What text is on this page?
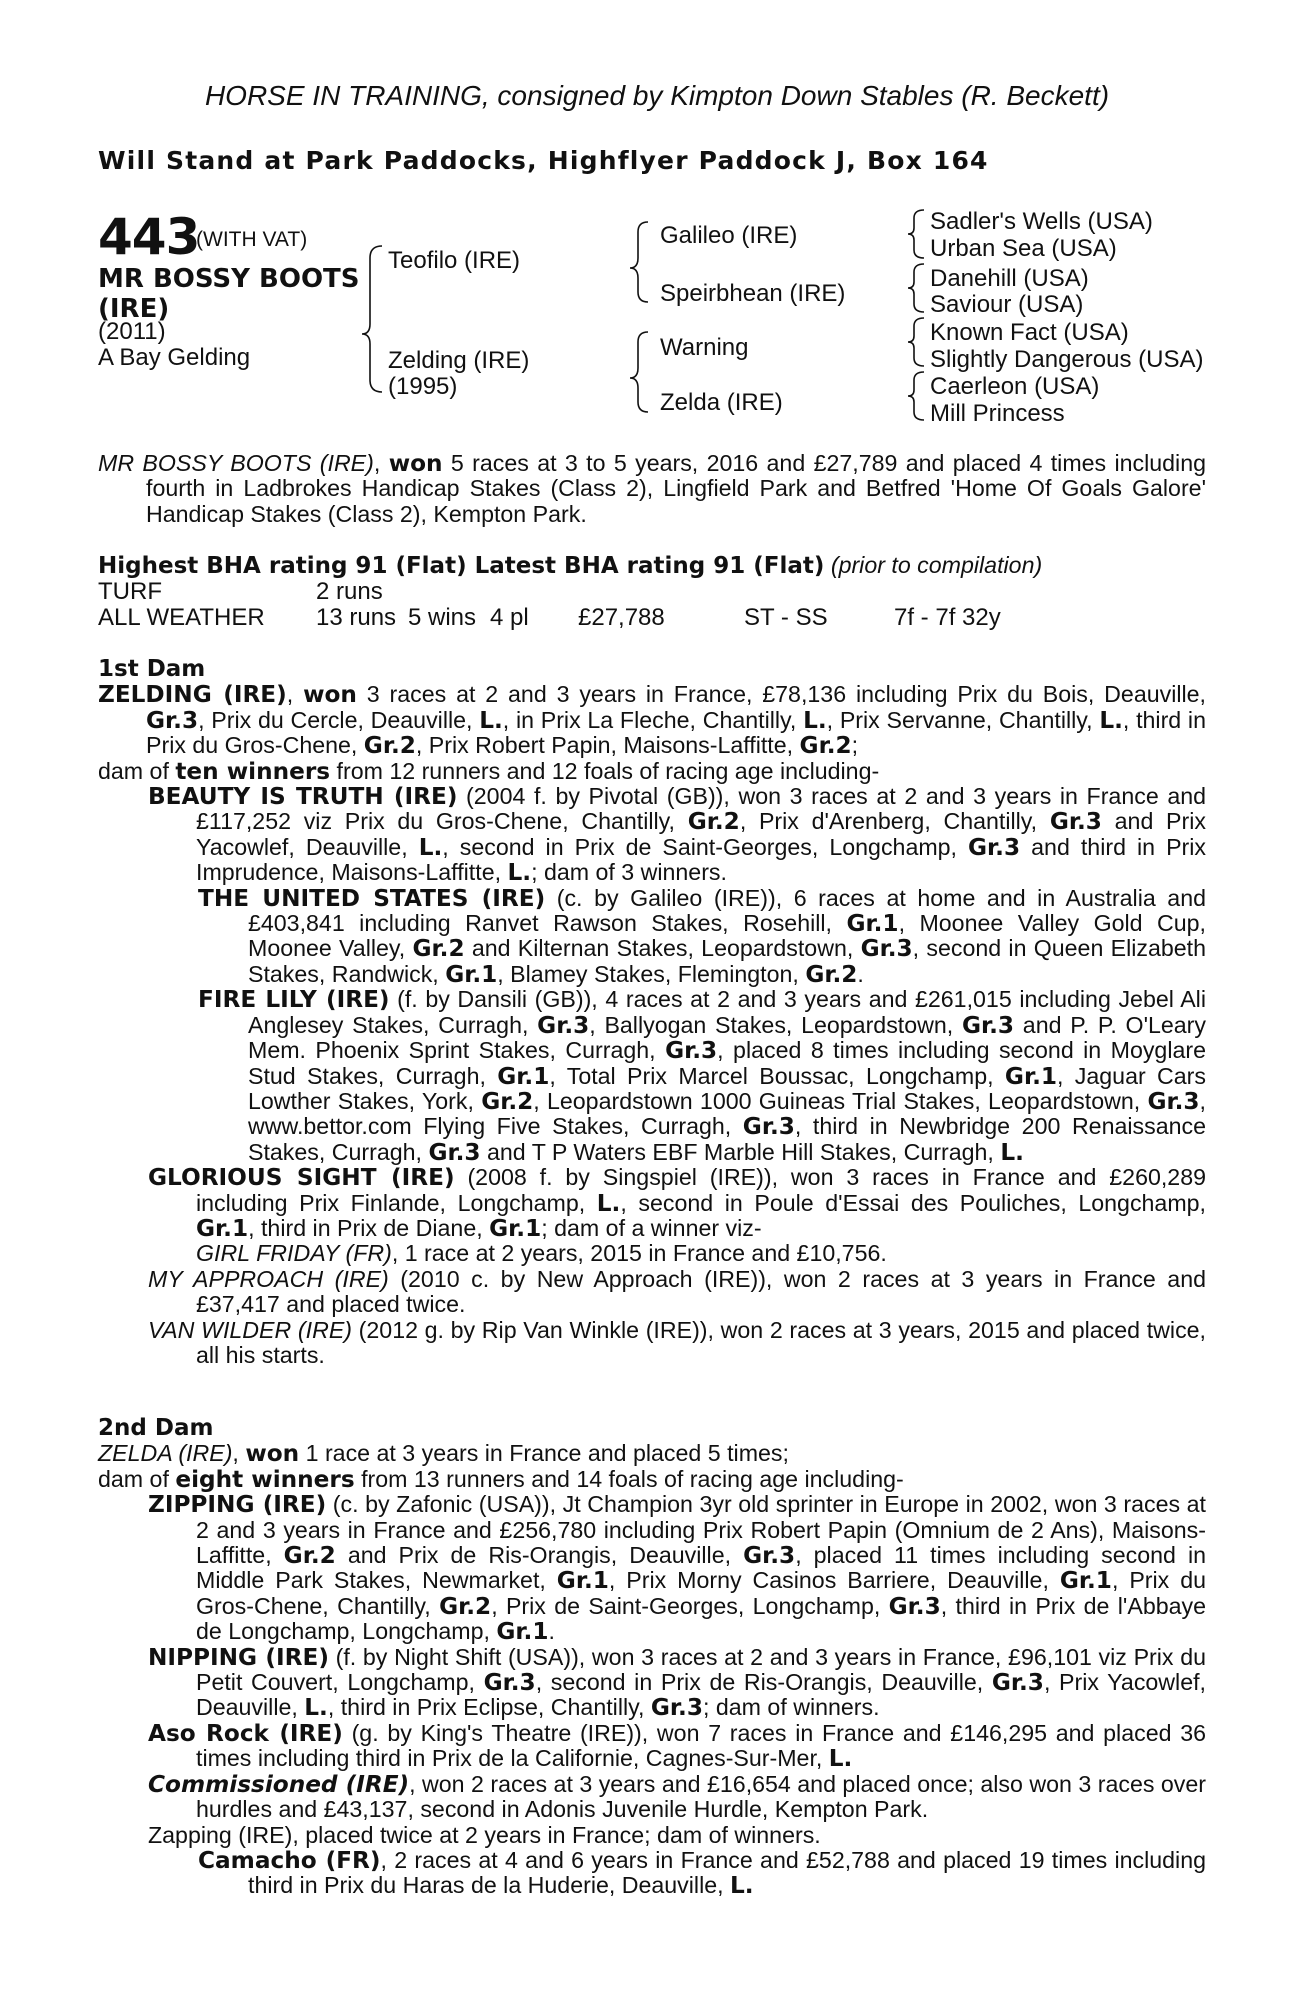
HORSE IN TRAINING, consigned by Kimpton Down Stables (R. Beckett)
Will Stand at Park Paddocks, Highflyer Paddock J, Box 164
443
(WITH VAT)
MR BOSSY BOOTS (IRE)
(2011)
A Bay Gelding
Teofilo (IRE)
Zelding (IRE)
(1995)
Galileo (IRE)
Speirbhean (IRE)
Warning
Zelda (IRE)
Sadler's Wells (USA)
Urban Sea (USA)
Danehill (USA)
Saviour (USA)
Known Fact (USA)
Slightly Dangerous (USA)
Caerleon (USA)
Mill Princess
MR BOSSY BOOTS (IRE), won 5 races at 3 to 5 years, 2016 and £27,789 and placed 4 times including fourth in Ladbrokes Handicap Stakes (Class 2), Lingfield Park and Betfred 'Home Of Goals Galore' Handicap Stakes (Class 2), Kempton Park.
Highest BHA rating 91 (Flat) Latest BHA rating 91 (Flat) (prior to compilation)
TURF	2 runs
ALL WEATHER 13 runs 5 wins 4 pl £27,788	ST - SS	7f - 7f 32y
1st Dam
ZELDING (IRE), won 3 races at 2 and 3 years in France, £78,136 including Prix du Bois, Deauville, Gr.3, Prix du Cercle, Deauville, L., in Prix La Fleche, Chantilly, L., Prix Servanne, Chantilly, L., third in Prix du Gros-Chene, Gr.2, Prix Robert Papin, Maisons-Laffitte, Gr.2;
dam of ten winners from 12 runners and 12 foals of racing age including-
BEAUTY IS TRUTH (IRE) (2004 f. by Pivotal (GB)), won 3 races at 2 and 3 years in France and £117,252 viz Prix du Gros-Chene, Chantilly, Gr.2, Prix d'Arenberg, Chantilly, Gr.3 and Prix Yacowlef, Deauville, L., second in Prix de Saint-Georges, Longchamp, Gr.3 and third in Prix Imprudence, Maisons-Laffitte, L.; dam of 3 winners.
THE UNITED STATES (IRE) (c. by Galileo (IRE)), 6 races at home and in Australia and £403,841 including Ranvet Rawson Stakes, Rosehill, Gr.1, Moonee Valley Gold Cup, Moonee Valley, Gr.2 and Kilternan Stakes, Leopardstown, Gr.3, second in Queen Elizabeth Stakes, Randwick, Gr.1, Blamey Stakes, Flemington, Gr.2.
FIRE LILY (IRE) (f. by Dansili (GB)), 4 races at 2 and 3 years and £261,015 including Jebel Ali Anglesey Stakes, Curragh, Gr.3, Ballyogan Stakes, Leopardstown, Gr.3 and P. P. O'Leary Mem. Phoenix Sprint Stakes, Curragh, Gr.3, placed 8 times including second in Moyglare Stud Stakes, Curragh, Gr.1, Total Prix Marcel Boussac, Longchamp, Gr.1, Jaguar Cars Lowther Stakes, York, Gr.2, Leopardstown 1000 Guineas Trial Stakes, Leopardstown, Gr.3, www.bettor.com Flying Five Stakes, Curragh, Gr.3, third in Newbridge 200 Renaissance Stakes, Curragh, Gr.3 and T P Waters EBF Marble Hill Stakes, Curragh, L.
GLORIOUS SIGHT (IRE) (2008 f. by Singspiel (IRE)), won 3 races in France and £260,289 including Prix Finlande, Longchamp, L., second in Poule d'Essai des Pouliches, Longchamp, Gr.1, third in Prix de Diane, Gr.1; dam of a winner viz-
GIRL FRIDAY (FR), 1 race at 2 years, 2015 in France and £10,756.
MY APPROACH (IRE) (2010 c. by New Approach (IRE)), won 2 races at 3 years in France and £37,417 and placed twice.
VAN WILDER (IRE) (2012 g. by Rip Van Winkle (IRE)), won 2 races at 3 years, 2015 and placed twice, all his starts.
2nd Dam
ZELDA (IRE), won 1 race at 3 years in France and placed 5 times;
dam of eight winners from 13 runners and 14 foals of racing age including-
ZIPPING (IRE) (c. by Zafonic (USA)), Jt Champion 3yr old sprinter in Europe in 2002, won 3 races at 2 and 3 years in France and £256,780 including Prix Robert Papin (Omnium de 2 Ans), Maisons-Laffitte, Gr.2 and Prix de Ris-Orangis, Deauville, Gr.3, placed 11 times including second in Middle Park Stakes, Newmarket, Gr.1, Prix Morny Casinos Barriere, Deauville, Gr.1, Prix du Gros-Chene, Chantilly, Gr.2, Prix de Saint-Georges, Longchamp, Gr.3, third in Prix de l'Abbaye de Longchamp, Longchamp, Gr.1.
NIPPING (IRE) (f. by Night Shift (USA)), won 3 races at 2 and 3 years in France, £96,101 viz Prix du Petit Couvert, Longchamp, Gr.3, second in Prix de Ris-Orangis, Deauville, Gr.3, Prix Yacowlef, Deauville, L., third in Prix Eclipse, Chantilly, Gr.3; dam of winners.
Aso Rock (IRE) (g. by King's Theatre (IRE)), won 7 races in France and £146,295 and placed 36 times including third in Prix de la Californie, Cagnes-Sur-Mer, L.
Commissioned (IRE), won 2 races at 3 years and £16,654 and placed once; also won 3 races over hurdles and £43,137, second in Adonis Juvenile Hurdle, Kempton Park.
Zapping (IRE), placed twice at 2 years in France; dam of winners.
Camacho (FR), 2 races at 4 and 6 years in France and £52,788 and placed 19 times including third in Prix du Haras de la Huderie, Deauville, L.
